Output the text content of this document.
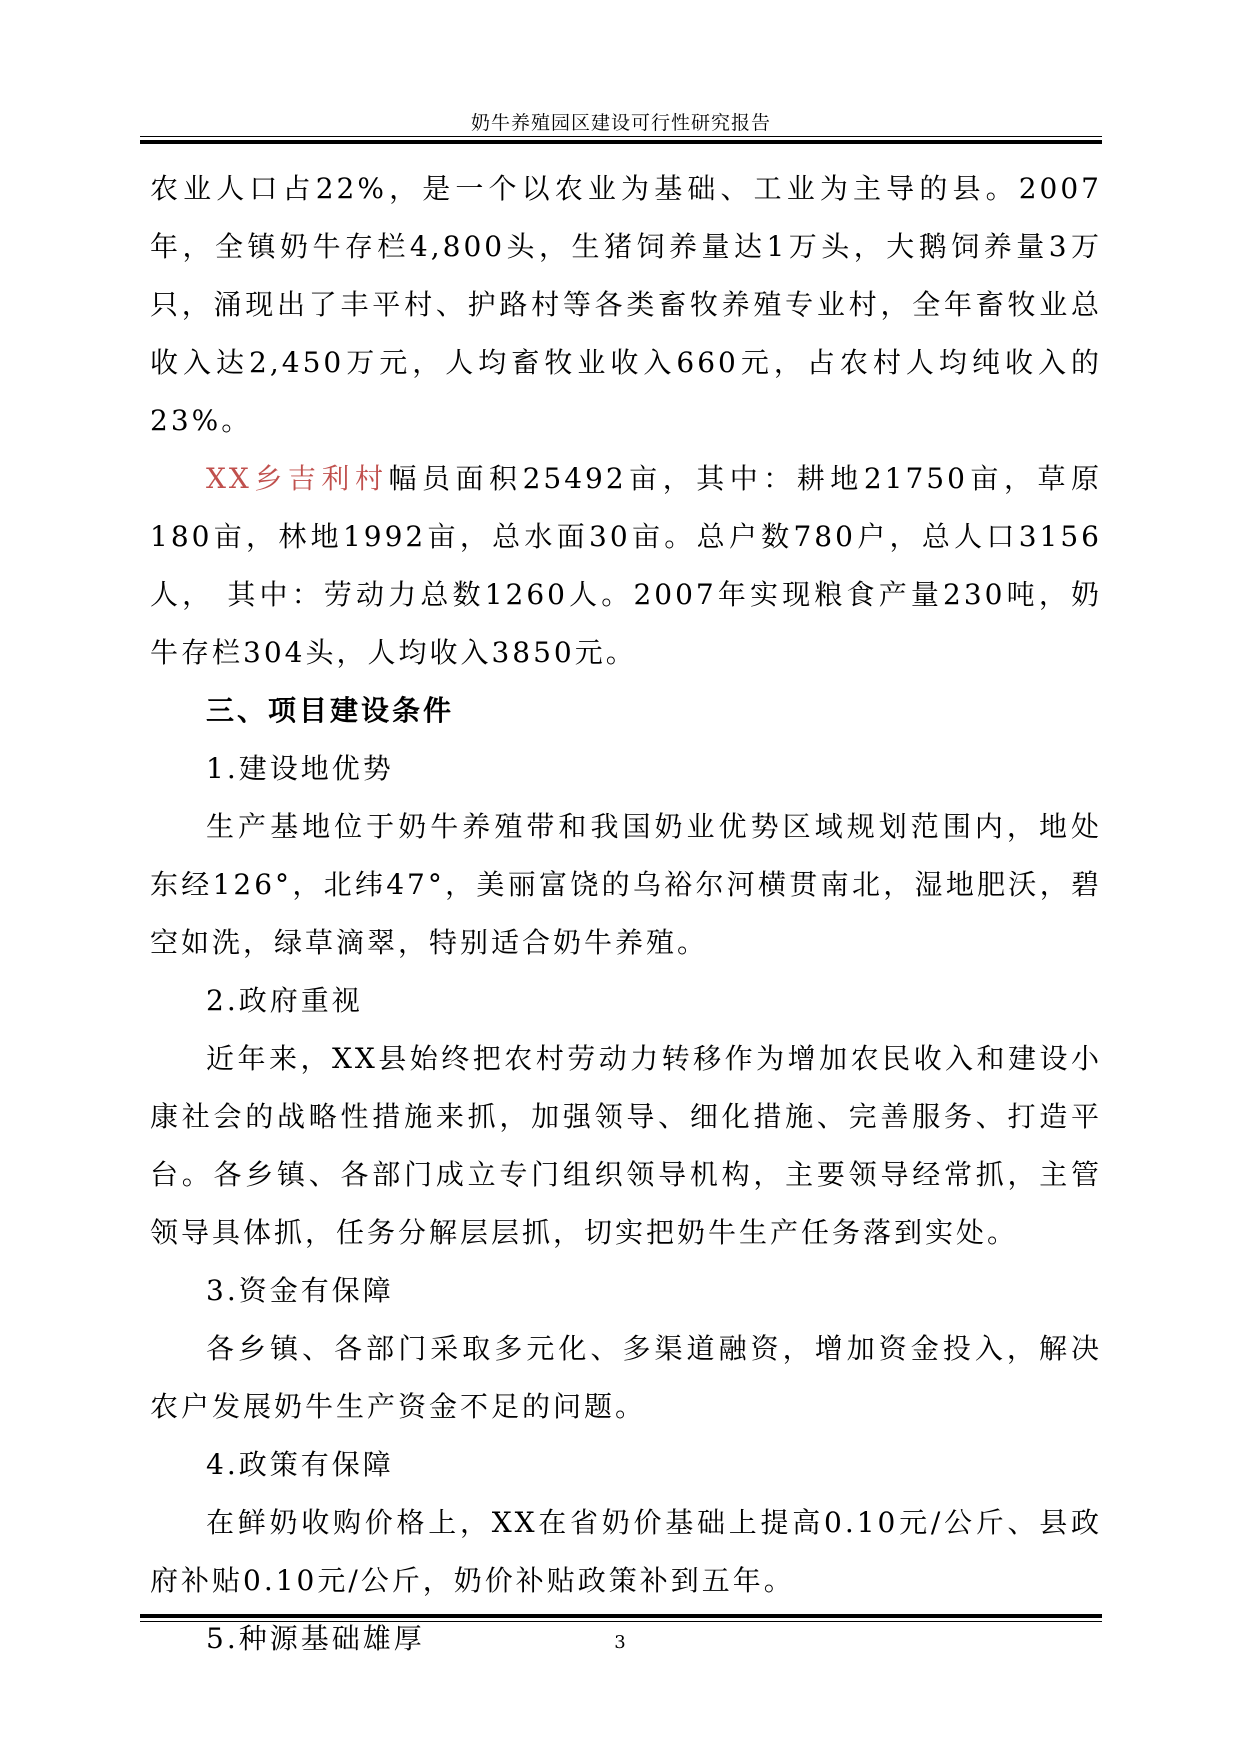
奶牛养殖园区建设可行性研究报告

农业人口占22%，是一个以农业为基础、工业为主导的县。2007年，全镇奶牛存栏4,800头，生猪饲养量达1万头，大鹅饲养量3万只，涌现出了丰平村、护路村等各类畜牧养殖专业村，全年畜牧业总收入达2,450万元，人均畜牧业收入660元，占农村人均纯收入的23%。

XX乡吉利村幅员面积25492亩，其中：耕地21750亩，草原180亩，林地1992亩，总水面30亩。总户数780户，总人口3156人， 其中：劳动力总数1260人。2007年实现粮食产量230吨，奶牛存栏304头，人均收入3850元。

三、项目建设条件

1.建设地优势

生产基地位于奶牛养殖带和我国奶业优势区域规划范围内，地处东经126°，北纬47°，美丽富饶的乌裕尔河横贯南北，湿地肥沃，碧空如洗，绿草滴翠，特别适合奶牛养殖。

2.政府重视

近年来，XX县始终把农村劳动力转移作为增加农民收入和建设小康社会的战略性措施来抓，加强领导、细化措施、完善服务、打造平台。各乡镇、各部门成立专门组织领导机构，主要领导经常抓，主管领导具体抓，任务分解层层抓，切实把奶牛生产任务落到实处。

3.资金有保障

各乡镇、各部门采取多元化、多渠道融资，增加资金投入，解决农户发展奶牛生产资金不足的问题。

4.政策有保障

在鲜奶收购价格上，XX在省奶价基础上提高0.10元/公斤、县政府补贴0.10元/公斤，奶价补贴政策补到五年。

5.种源基础雄厚	3
